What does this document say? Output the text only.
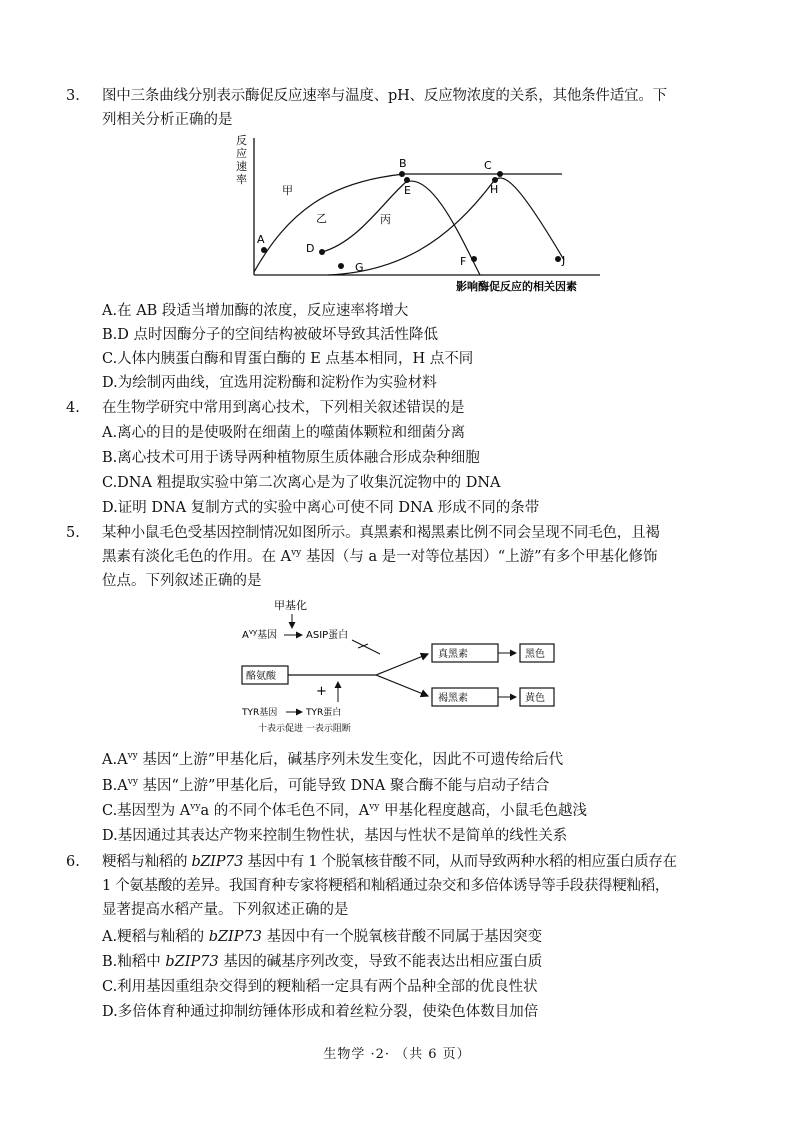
3. 图中三条曲线分别表示酶促反应速率与温度、pH、反应物浓度的关系，其他条件适宜。下
列相关分析正确的是
反
应
速
率
A
B	C
D
E
F
G
H
J
甲
乙	丙
影响酶促反应的相关因素
A.在 AB 段适当增加酶的浓度，反应速率将增大
B.D 点时因酶分子的空间结构被破坏导致其活性降低
C.人体内胰蛋白酶和胃蛋白酶的 E 点基本相同，H 点不同
D.为绘制丙曲线，宜选用淀粉酶和淀粉作为实验材料
4. 在生物学研究中常用到离心技术，下列相关叙述错误的是
A.离心的目的是使吸附在细菌上的噬菌体颗粒和细菌分离
B.离心技术可用于诱导两种植物原生质体融合形成杂种细胞
C.DNA 粗提取实验中第二次离心是为了收集沉淀物中的 DNA
D.证明 DNA 复制方式的实验中离心可使不同 DNA 形成不同的条带
5. 某种小鼠毛色受基因控制情况如图所示。真黑素和褐黑素比例不同会呈现不同毛色，且褐
黑素有淡化毛色的作用。在 $A^{vy}$ 基因（与 a 是一对等位基因）“上游”有多个甲基化修饰
位点。下列叙述正确的是
甲基化
$A^{vy}$基因	ASIP蛋白
酪氨酸
真黑素	黑色
褐黑素	黄色
+
TYR基因	TYR蛋白
十表示促进 一表示阻断
$A.A^{vy}$ 基因“上游”甲基化后，碱基序列未发生变化，因此不可遗传给后代
$B.A^{vy}$ 基因“上游”甲基化后，可能导致 DNA 聚合酶不能与启动子结合
C.基因型为 $A^{vy}a$ 的不同个体毛色不同，$A^{vy}$ 甲基化程度越高，小鼠毛色越浅
D.基因通过其表达产物来控制生物性状，基因与性状不是简单的线性关系
6. 粳稻与籼稻的 bZIP73 基因中有 1 个脱氧核苷酸不同，从而导致两种水稻的相应蛋白质存在
1 个氨基酸的差异。我国育种专家将粳稻和籼稻通过杂交和多倍体诱导等手段获得粳籼稻，
显著提高水稻产量。下列叙述正确的是
A.粳稻与籼稻的 bZIP73 基因中有一个脱氧核苷酸不同属于基因突变
B.籼稻中 bZIP73 基因的碱基序列改变，导致不能表达出相应蛋白质
C.利用基因重组杂交得到的粳籼稻一定具有两个品种全部的优良性状
D.多倍体育种通过抑制纺锤体形成和着丝粒分裂，使染色体数目加倍
生物学 ·2· （共 6 页）
